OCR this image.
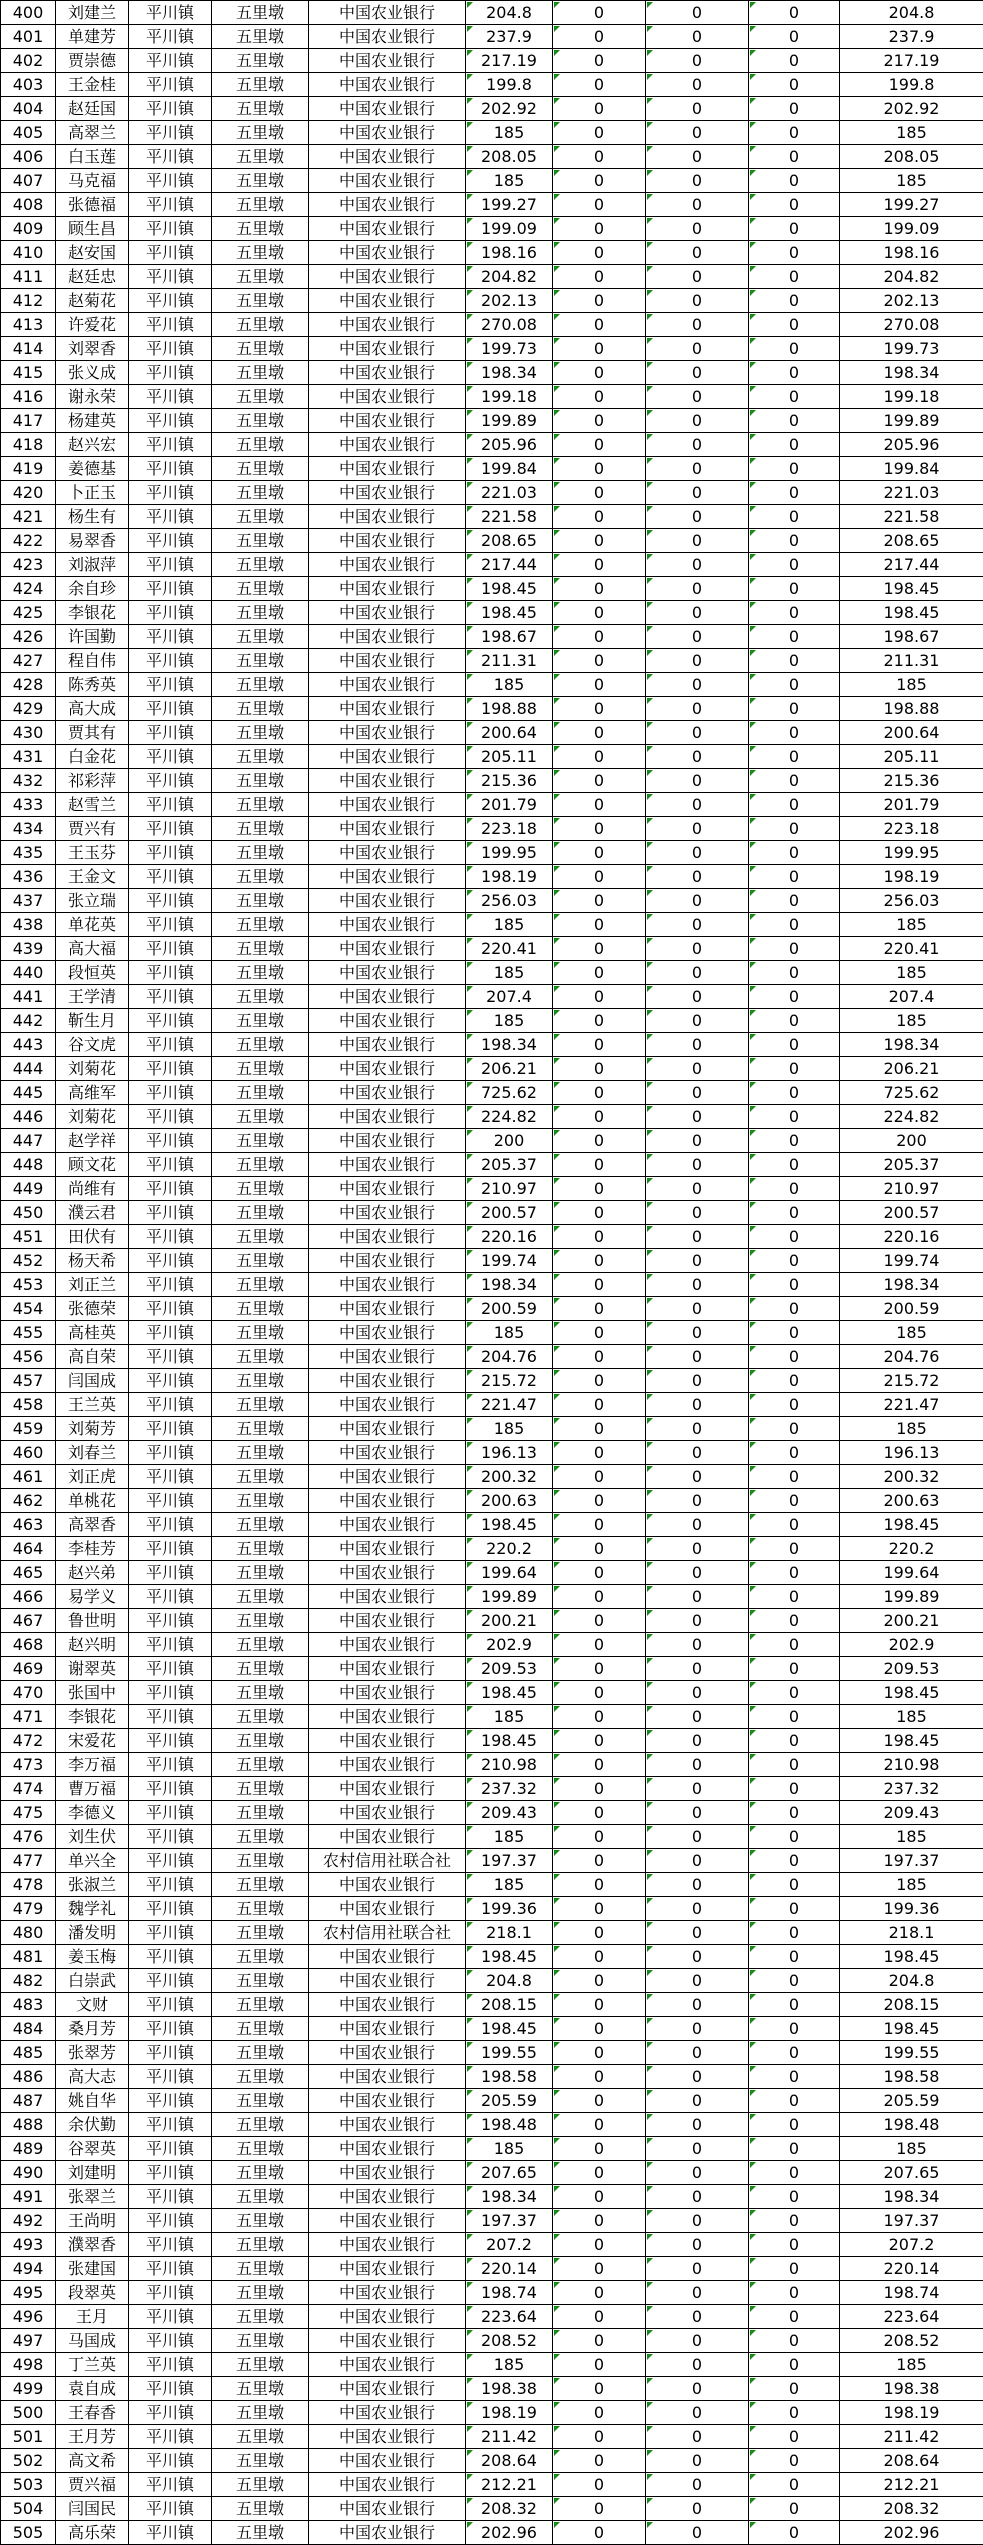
400	刘建兰	平川镇	五里墩	中国农业银行	204.8	0	0	0	204.8
401	单建芳	平川镇	五里墩	中国农业银行	237.9	0	0	0	237.9
402	贾崇德	平川镇	五里墩	中国农业银行	217.19	0	0	0	217.19
403	王金桂	平川镇	五里墩	中国农业银行	199.8	0	0	0	199.8
404	赵廷国	平川镇	五里墩	中国农业银行	202.92	0	0	0	202.92
405	高翠兰	平川镇	五里墩	中国农业银行	185	0	0	0	185
406	白玉莲	平川镇	五里墩	中国农业银行	208.05	0	0	0	208.05
407	马克福	平川镇	五里墩	中国农业银行	185	0	0	0	185
408	张德福	平川镇	五里墩	中国农业银行	199.27	0	0	0	199.27
409	顾生昌	平川镇	五里墩	中国农业银行	199.09	0	0	0	199.09
410	赵安国	平川镇	五里墩	中国农业银行	198.16	0	0	0	198.16
411	赵廷忠	平川镇	五里墩	中国农业银行	204.82	0	0	0	204.82
412	赵菊花	平川镇	五里墩	中国农业银行	202.13	0	0	0	202.13
413	许爱花	平川镇	五里墩	中国农业银行	270.08	0	0	0	270.08
414	刘翠香	平川镇	五里墩	中国农业银行	199.73	0	0	0	199.73
415	张义成	平川镇	五里墩	中国农业银行	198.34	0	0	0	198.34
416	谢永荣	平川镇	五里墩	中国农业银行	199.18	0	0	0	199.18
417	杨建英	平川镇	五里墩	中国农业银行	199.89	0	0	0	199.89
418	赵兴宏	平川镇	五里墩	中国农业银行	205.96	0	0	0	205.96
419	姜德基	平川镇	五里墩	中国农业银行	199.84	0	0	0	199.84
420	卜正玉	平川镇	五里墩	中国农业银行	221.03	0	0	0	221.03
421	杨生有	平川镇	五里墩	中国农业银行	221.58	0	0	0	221.58
422	易翠香	平川镇	五里墩	中国农业银行	208.65	0	0	0	208.65
423	刘淑萍	平川镇	五里墩	中国农业银行	217.44	0	0	0	217.44
424	余自珍	平川镇	五里墩	中国农业银行	198.45	0	0	0	198.45
425	李银花	平川镇	五里墩	中国农业银行	198.45	0	0	0	198.45
426	许国勤	平川镇	五里墩	中国农业银行	198.67	0	0	0	198.67
427	程自伟	平川镇	五里墩	中国农业银行	211.31	0	0	0	211.31
428	陈秀英	平川镇	五里墩	中国农业银行	185	0	0	0	185
429	高大成	平川镇	五里墩	中国农业银行	198.88	0	0	0	198.88
430	贾其有	平川镇	五里墩	中国农业银行	200.64	0	0	0	200.64
431	白金花	平川镇	五里墩	中国农业银行	205.11	0	0	0	205.11
432	祁彩萍	平川镇	五里墩	中国农业银行	215.36	0	0	0	215.36
433	赵雪兰	平川镇	五里墩	中国农业银行	201.79	0	0	0	201.79
434	贾兴有	平川镇	五里墩	中国农业银行	223.18	0	0	0	223.18
435	王玉芬	平川镇	五里墩	中国农业银行	199.95	0	0	0	199.95
436	王金文	平川镇	五里墩	中国农业银行	198.19	0	0	0	198.19
437	张立瑞	平川镇	五里墩	中国农业银行	256.03	0	0	0	256.03
438	单花英	平川镇	五里墩	中国农业银行	185	0	0	0	185
439	高大福	平川镇	五里墩	中国农业银行	220.41	0	0	0	220.41
440	段恒英	平川镇	五里墩	中国农业银行	185	0	0	0	185
441	王学清	平川镇	五里墩	中国农业银行	207.4	0	0	0	207.4
442	靳生月	平川镇	五里墩	中国农业银行	185	0	0	0	185
443	谷文虎	平川镇	五里墩	中国农业银行	198.34	0	0	0	198.34
444	刘菊花	平川镇	五里墩	中国农业银行	206.21	0	0	0	206.21
445	高维军	平川镇	五里墩	中国农业银行	725.62	0	0	0	725.62
446	刘菊花	平川镇	五里墩	中国农业银行	224.82	0	0	0	224.82
447	赵学祥	平川镇	五里墩	中国农业银行	200	0	0	0	200
448	顾文花	平川镇	五里墩	中国农业银行	205.37	0	0	0	205.37
449	尚维有	平川镇	五里墩	中国农业银行	210.97	0	0	0	210.97
450	濮云君	平川镇	五里墩	中国农业银行	200.57	0	0	0	200.57
451	田伏有	平川镇	五里墩	中国农业银行	220.16	0	0	0	220.16
452	杨天希	平川镇	五里墩	中国农业银行	199.74	0	0	0	199.74
453	刘正兰	平川镇	五里墩	中国农业银行	198.34	0	0	0	198.34
454	张德荣	平川镇	五里墩	中国农业银行	200.59	0	0	0	200.59
455	高桂英	平川镇	五里墩	中国农业银行	185	0	0	0	185
456	高自荣	平川镇	五里墩	中国农业银行	204.76	0	0	0	204.76
457	闫国成	平川镇	五里墩	中国农业银行	215.72	0	0	0	215.72
458	王兰英	平川镇	五里墩	中国农业银行	221.47	0	0	0	221.47
459	刘菊芳	平川镇	五里墩	中国农业银行	185	0	0	0	185
460	刘春兰	平川镇	五里墩	中国农业银行	196.13	0	0	0	196.13
461	刘正虎	平川镇	五里墩	中国农业银行	200.32	0	0	0	200.32
462	单桃花	平川镇	五里墩	中国农业银行	200.63	0	0	0	200.63
463	高翠香	平川镇	五里墩	中国农业银行	198.45	0	0	0	198.45
464	李桂芳	平川镇	五里墩	中国农业银行	220.2	0	0	0	220.2
465	赵兴弟	平川镇	五里墩	中国农业银行	199.64	0	0	0	199.64
466	易学义	平川镇	五里墩	中国农业银行	199.89	0	0	0	199.89
467	鲁世明	平川镇	五里墩	中国农业银行	200.21	0	0	0	200.21
468	赵兴明	平川镇	五里墩	中国农业银行	202.9	0	0	0	202.9
469	谢翠英	平川镇	五里墩	中国农业银行	209.53	0	0	0	209.53
470	张国中	平川镇	五里墩	中国农业银行	198.45	0	0	0	198.45
471	李银花	平川镇	五里墩	中国农业银行	185	0	0	0	185
472	宋爱花	平川镇	五里墩	中国农业银行	198.45	0	0	0	198.45
473	李万福	平川镇	五里墩	中国农业银行	210.98	0	0	0	210.98
474	曹万福	平川镇	五里墩	中国农业银行	237.32	0	0	0	237.32
475	李德义	平川镇	五里墩	中国农业银行	209.43	0	0	0	209.43
476	刘生伏	平川镇	五里墩	中国农业银行	185	0	0	0	185
477	单兴全	平川镇	五里墩	农村信用社联合社	197.37	0	0	0	197.37
478	张淑兰	平川镇	五里墩	中国农业银行	185	0	0	0	185
479	魏学礼	平川镇	五里墩	中国农业银行	199.36	0	0	0	199.36
480	潘发明	平川镇	五里墩	农村信用社联合社	218.1	0	0	0	218.1
481	姜玉梅	平川镇	五里墩	中国农业银行	198.45	0	0	0	198.45
482	白崇武	平川镇	五里墩	中国农业银行	204.8	0	0	0	204.8
483	文财	平川镇	五里墩	中国农业银行	208.15	0	0	0	208.15
484	桑月芳	平川镇	五里墩	中国农业银行	198.45	0	0	0	198.45
485	张翠芳	平川镇	五里墩	中国农业银行	199.55	0	0	0	199.55
486	高大志	平川镇	五里墩	中国农业银行	198.58	0	0	0	198.58
487	姚自华	平川镇	五里墩	中国农业银行	205.59	0	0	0	205.59
488	余伏勤	平川镇	五里墩	中国农业银行	198.48	0	0	0	198.48
489	谷翠英	平川镇	五里墩	中国农业银行	185	0	0	0	185
490	刘建明	平川镇	五里墩	中国农业银行	207.65	0	0	0	207.65
491	张翠兰	平川镇	五里墩	中国农业银行	198.34	0	0	0	198.34
492	王尚明	平川镇	五里墩	中国农业银行	197.37	0	0	0	197.37
493	濮翠香	平川镇	五里墩	中国农业银行	207.2	0	0	0	207.2
494	张建国	平川镇	五里墩	中国农业银行	220.14	0	0	0	220.14
495	段翠英	平川镇	五里墩	中国农业银行	198.74	0	0	0	198.74
496	王月	平川镇	五里墩	中国农业银行	223.64	0	0	0	223.64
497	马国成	平川镇	五里墩	中国农业银行	208.52	0	0	0	208.52
498	丁兰英	平川镇	五里墩	中国农业银行	185	0	0	0	185
499	袁自成	平川镇	五里墩	中国农业银行	198.38	0	0	0	198.38
500	王春香	平川镇	五里墩	中国农业银行	198.19	0	0	0	198.19
501	王月芳	平川镇	五里墩	中国农业银行	211.42	0	0	0	211.42
502	高文希	平川镇	五里墩	中国农业银行	208.64	0	0	0	208.64
503	贾兴福	平川镇	五里墩	中国农业银行	212.21	0	0	0	212.21
504	闫国民	平川镇	五里墩	中国农业银行	208.32	0	0	0	208.32
505	高乐荣	平川镇	五里墩	中国农业银行	202.96	0	0	0	202.96
